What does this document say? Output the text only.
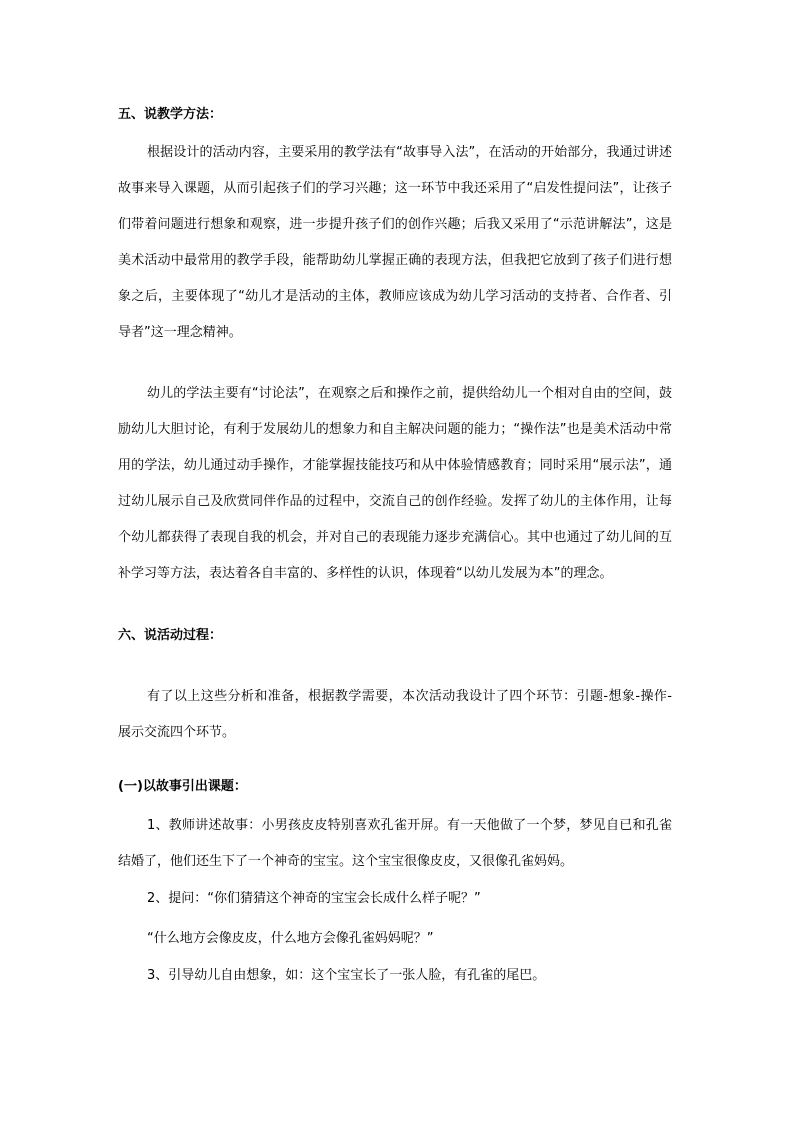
五、说教学方法：

根据设计的活动内容，主要采用的教学法有“故事导入法”，在活动的开始部分，我通过讲述

故事来导入课题，从而引起孩子们的学习兴趣；这一环节中我还采用了“启发性提问法”，让孩子

们带着问题进行想象和观察，进一步提升孩子们的创作兴趣；后我又采用了“示范讲解法”，这是

美术活动中最常用的教学手段，能帮助幼儿掌握正确的表现方法，但我把它放到了孩子们进行想

象之后，主要体现了“幼儿才是活动的主体，教师应该成为幼儿学习活动的支持者、合作者、引

导者”这一理念精神。

幼儿的学法主要有“讨论法”，在观察之后和操作之前，提供给幼儿一个相对自由的空间，鼓

励幼儿大胆讨论，有利于发展幼儿的想象力和自主解决问题的能力；“操作法”也是美术活动中常

用的学法，幼儿通过动手操作，才能掌握技能技巧和从中体验情感教育；同时采用“展示法”，通

过幼儿展示自己及欣赏同伴作品的过程中，交流自己的创作经验。发挥了幼儿的主体作用，让每

个幼儿都获得了表现自我的机会，并对自己的表现能力逐步充满信心。其中也通过了幼儿间的互

补学习等方法，表达着各自丰富的、多样性的认识，体现着“以幼儿发展为本”的理念。

六、说活动过程：

有了以上这些分析和准备，根据教学需要，本次活动我设计了四个环节：引题-想象-操作-

展示交流四个环节。

(一)以故事引出课题：

1、教师讲述故事：小男孩皮皮特别喜欢孔雀开屏。有一天他做了一个梦，梦见自已和孔雀

结婚了，他们还生下了一个神奇的宝宝。这个宝宝很像皮皮，又很像孔雀妈妈。

2、提问：“你们猜猜这个神奇的宝宝会长成什么样子呢？”

“什么地方会像皮皮，什么地方会像孔雀妈妈呢？”

3、引导幼儿自由想象，如：这个宝宝长了一张人脸，有孔雀的尾巴。
